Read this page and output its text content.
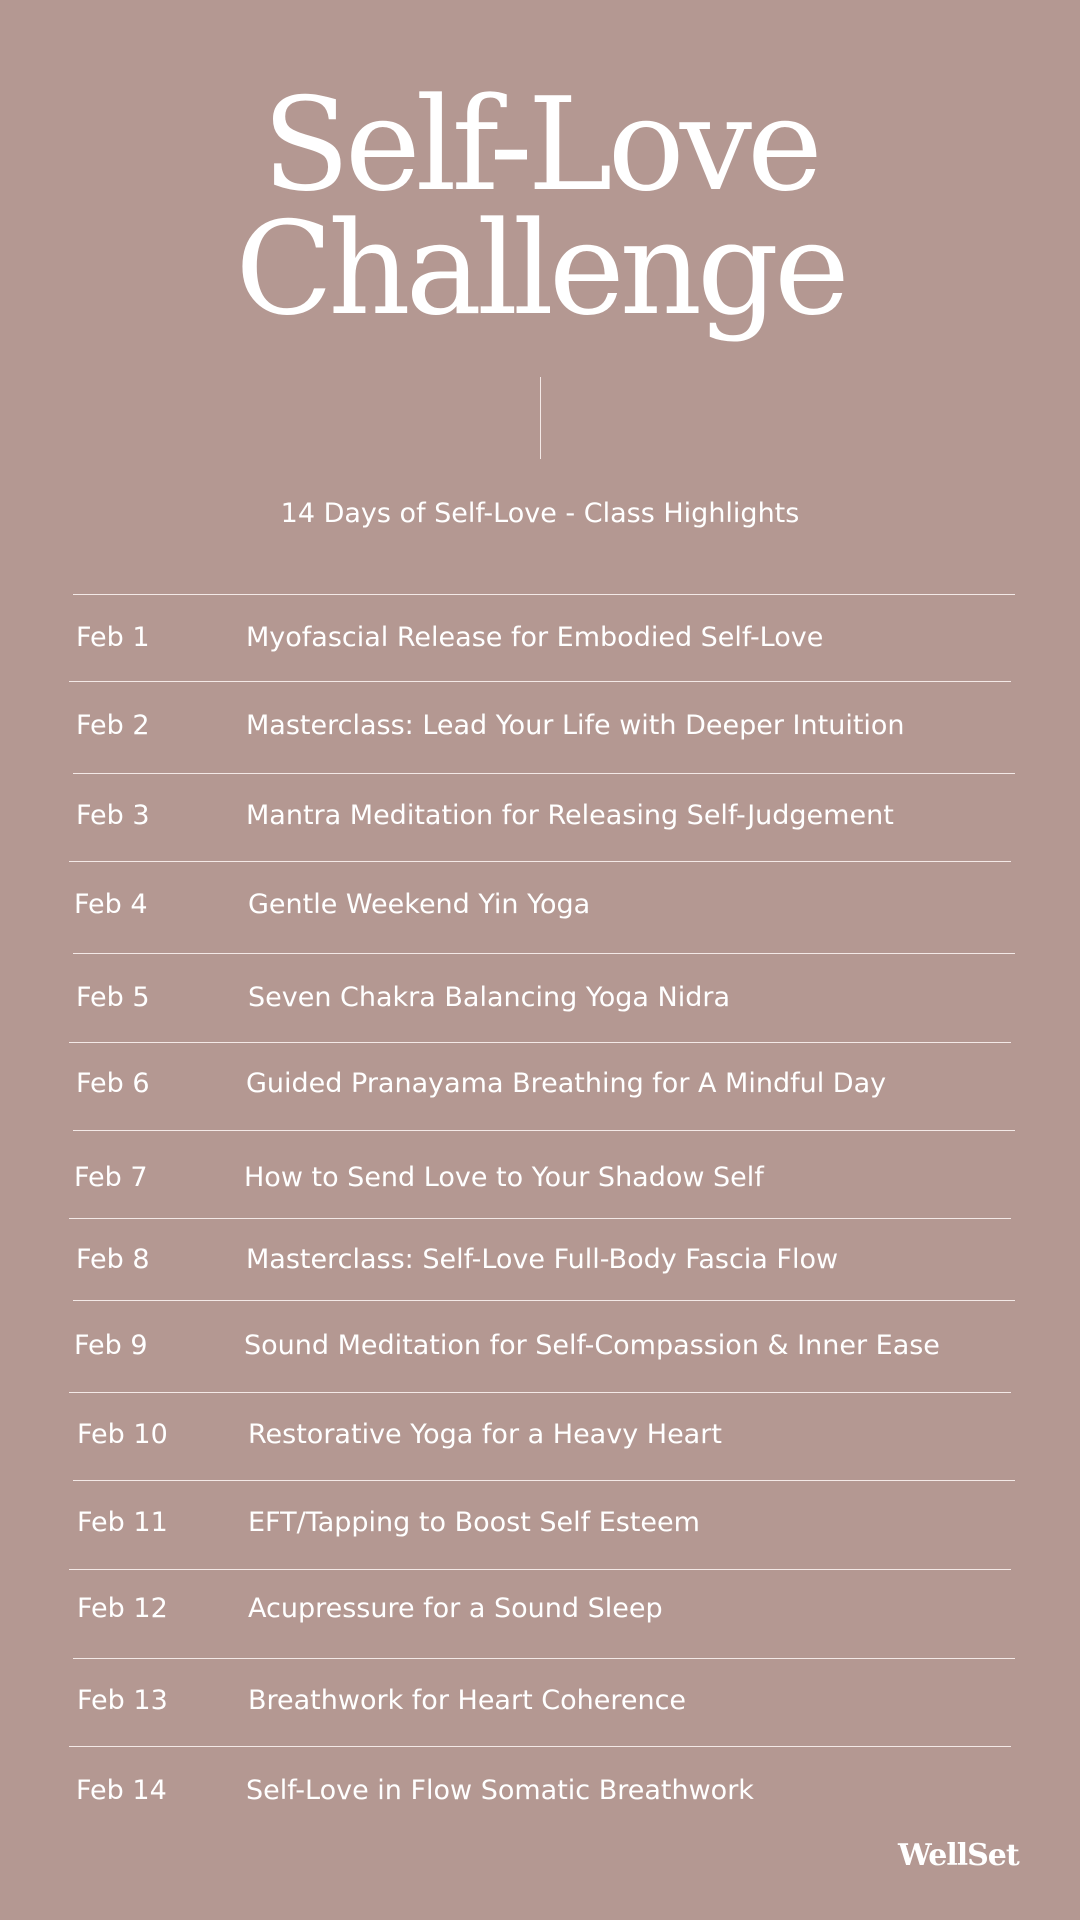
Self-Love
Challenge
14 Days of Self-Love - Class Highlights
Feb 1	Myofascial Release for Embodied Self-Love
Feb 2	Masterclass: Lead Your Life with Deeper Intuition
Feb 3	Mantra Meditation for Releasing Self-Judgement
Feb 4	Gentle Weekend Yin Yoga
Feb 5	Seven Chakra Balancing Yoga Nidra
Feb 6	Guided Pranayama Breathing for A Mindful Day
Feb 7	How to Send Love to Your Shadow Self
Feb 8	Masterclass: Self-Love Full-Body Fascia Flow
Feb 9	Sound Meditation for Self-Compassion & Inner Ease
Feb 10	Restorative Yoga for a Heavy Heart
Feb 11	EFT/Tapping to Boost Self Esteem
Feb 12	Acupressure for a Sound Sleep
Feb 13	Breathwork for Heart Coherence
Feb 14	Self-Love in Flow Somatic Breathwork
WellSet
